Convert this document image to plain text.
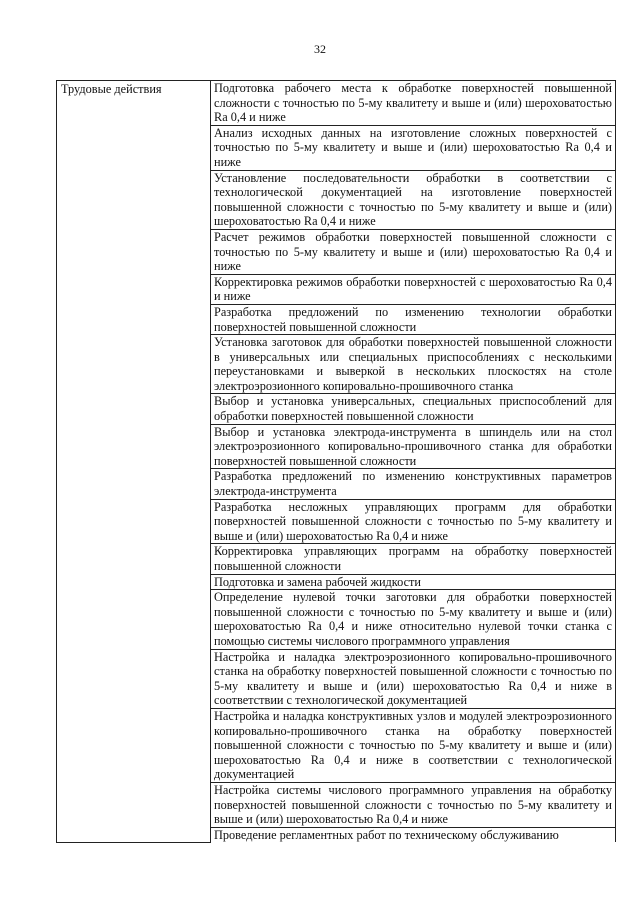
32
Трудовые действия	Подготовка рабочего места к обработке поверхностей повышенной сложности с точностью по 5-му квалитету и выше и (или) шероховатостью Ra 0,4 и ниже
Анализ исходных данных на изготовление сложных поверхностей с точностью по 5-му квалитету и выше и (или) шероховатостью Ra 0,4 и ниже
Установление последовательности обработки в соответствии с технологической документацией на изготовление поверхностей повышенной сложности с точностью по 5-му квалитету и выше и (или) шероховатостью Ra 0,4 и ниже
Расчет режимов обработки поверхностей повышенной сложности с точностью по 5-му квалитету и выше и (или) шероховатостью Ra 0,4 и ниже
Корректировка режимов обработки поверхностей с шероховатостью Ra 0,4 и ниже
Разработка предложений по изменению технологии обработки поверхностей повышенной сложности
Установка заготовок для обработки поверхностей повышенной сложности в универсальных или специальных приспособлениях с несколькими переустановками и выверкой в нескольких плоскостях на столе электроэрозионного копировально-прошивочного станка
Выбор и установка универсальных, специальных приспособлений для обработки поверхностей повышенной сложности
Выбор и установка электрода-инструмента в шпиндель или на стол электроэрозионного копировально-прошивочного станка для обработки поверхностей повышенной сложности
Разработка предложений по изменению конструктивных параметров электрода-инструмента
Разработка несложных управляющих программ для обработки поверхностей повышенной сложности с точностью по 5-му квалитету и выше и (или) шероховатостью Ra 0,4 и ниже
Корректировка управляющих программ на обработку поверхностей повышенной сложности
Подготовка и замена рабочей жидкости
Определение нулевой точки заготовки для обработки поверхностей повышенной сложности с точностью по 5-му квалитету и выше и (или) шероховатостью Ra 0,4 и ниже относительно нулевой точки станка с помощью системы числового программного управления
Настройка и наладка электроэрозионного копировально-прошивочного станка на обработку поверхностей повышенной сложности с точностью по 5-му квалитету и выше и (или) шероховатостью Ra 0,4 и ниже в соответствии с технологической документацией
Настройка и наладка конструктивных узлов и модулей электроэрозионного копировально-прошивочного станка на обработку поверхностей повышенной сложности с точностью по 5-му квалитету и выше и (или) шероховатостью Ra 0,4 и ниже в соответствии с технологической документацией
Настройка системы числового программного управления на обработку поверхностей повышенной сложности с точностью по 5-му квалитету и выше и (или) шероховатостью Ra 0,4 и ниже
Проведение регламентных работ по техническому обслуживанию
